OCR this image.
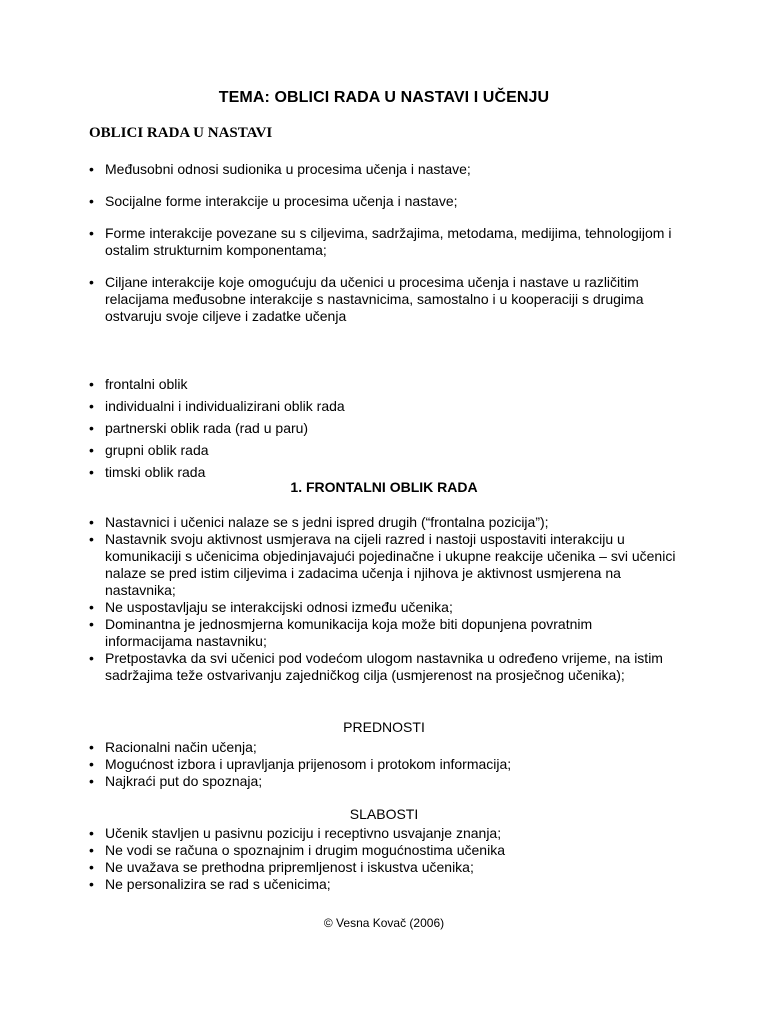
TEMA: OBLICI RADA U NASTAVI I UČENJU
OBLICI RADA U NASTAVI
• Međusobni odnosi sudionika u procesima učenja i nastave;
• Socijalne forme interakcije u procesima učenja i nastave;
• Forme interakcije povezane su s ciljevima, sadržajima, metodama, medijima, tehnologijom i ostalim strukturnim komponentama;
• Ciljane interakcije koje omogućuju da učenici u procesima učenja i nastave u različitim relacijama međusobne interakcije s nastavnicima, samostalno i u kooperaciji s drugima ostvaruju svoje ciljeve i zadatke učenja
• frontalni oblik
• individualni i individualizirani oblik rada
• partnerski oblik rada (rad u paru)
• grupni oblik rada
• timski oblik rada
1. FRONTALNI OBLIK RADA
• Nastavnici i učenici nalaze se s jedni ispred drugih (“frontalna pozicija”);
• Nastavnik svoju aktivnost usmjerava na cijeli razred i nastoji uspostaviti interakciju u komunikaciji s učenicima objedinjavajući pojedinačne i ukupne reakcije učenika – svi učenici nalaze se pred istim ciljevima i zadacima učenja i njihova je aktivnost usmjerena na nastavnika;
• Ne uspostavljaju se interakcijski odnosi između učenika;
• Dominantna je jednosmjerna komunikacija koja može biti dopunjena povratnim informacijama nastavniku;
• Pretpostavka da svi učenici pod vodećom ulogom nastavnika u određeno vrijeme, na istim sadržajima teže ostvarivanju zajedničkog cilja (usmjerenost na prosječnog učenika);
PREDNOSTI
• Racionalni način učenja;
• Mogućnost izbora i upravljanja prijenosom i protokom informacija;
• Najkraći put do spoznaja;
SLABOSTI
• Učenik stavljen u pasivnu poziciju i receptivno usvajanje znanja;
• Ne vodi se računa o spoznajnim i drugim mogućnostima učenika
• Ne uvažava se prethodna pripremljenost i iskustva učenika;
• Ne personalizira se rad s učenicima;
© Vesna Kovač (2006)
